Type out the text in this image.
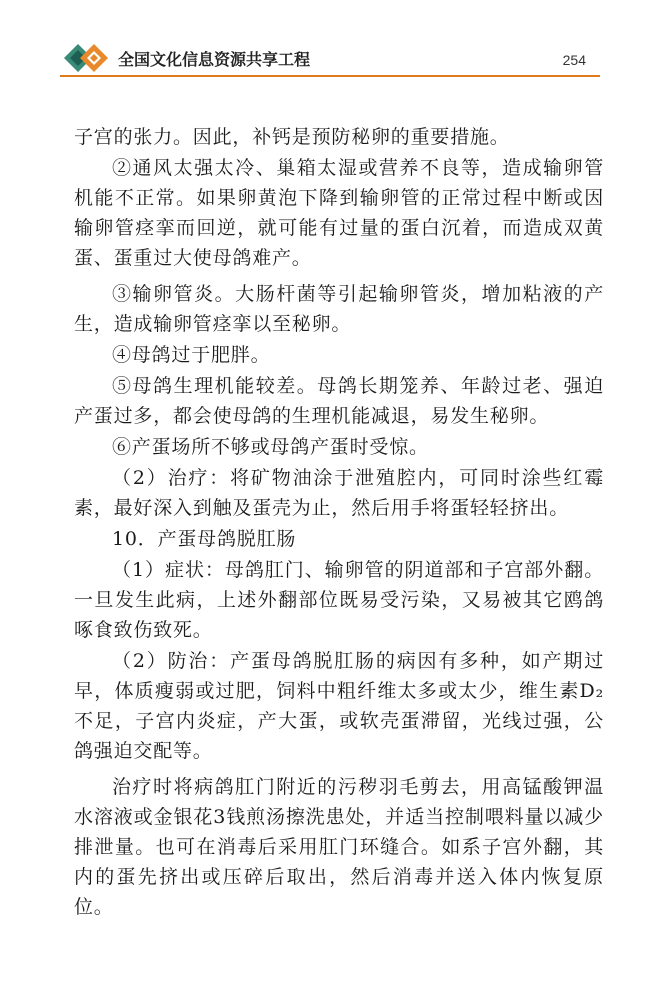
全国文化信息资源共享工程	254

子宫的张力。因此，补钙是预防秘卵的重要措施。

②通风太强太冷、巢箱太湿或营养不良等，造成输卵管机能不正常。如果卵黄泡下降到输卵管的正常过程中断或因输卵管痉挛而回逆，就可能有过量的蛋白沉着，而造成双黄蛋、蛋重过大使母鸽难产。

③输卵管炎。大肠杆菌等引起输卵管炎，增加粘液的产生，造成输卵管痉挛以至秘卵。

④母鸽过于肥胖。

⑤母鸽生理机能较差。母鸽长期笼养、年龄过老、强迫产蛋过多，都会使母鸽的生理机能减退，易发生秘卵。

⑥产蛋场所不够或母鸽产蛋时受惊。

（2）治疗：将矿物油涂于泄殖腔内，可同时涂些红霉素，最好深入到触及蛋壳为止，然后用手将蛋轻轻挤出。

10．产蛋母鸽脱肛肠

（1）症状：母鸽肛门、输卵管的阴道部和子宫部外翻。一旦发生此病，上述外翻部位既易受污染，又易被其它鸥鸽啄食致伤致死。

（2）防治：产蛋母鸽脱肛肠的病因有多种，如产期过早，体质瘦弱或过肥，饲料中粗纤维太多或太少，维生素D₂不足，子宫内炎症，产大蛋，或软壳蛋滞留，光线过强，公鸽强迫交配等。

治疗时将病鸽肛门附近的污秽羽毛剪去，用高锰酸钾温水溶液或金银花3钱煎汤擦洗患处，并适当控制喂料量以减少排泄量。也可在消毒后采用肛门环缝合。如系子宫外翻，其内的蛋先挤出或压碎后取出，然后消毒并送入体内恢复原位。
